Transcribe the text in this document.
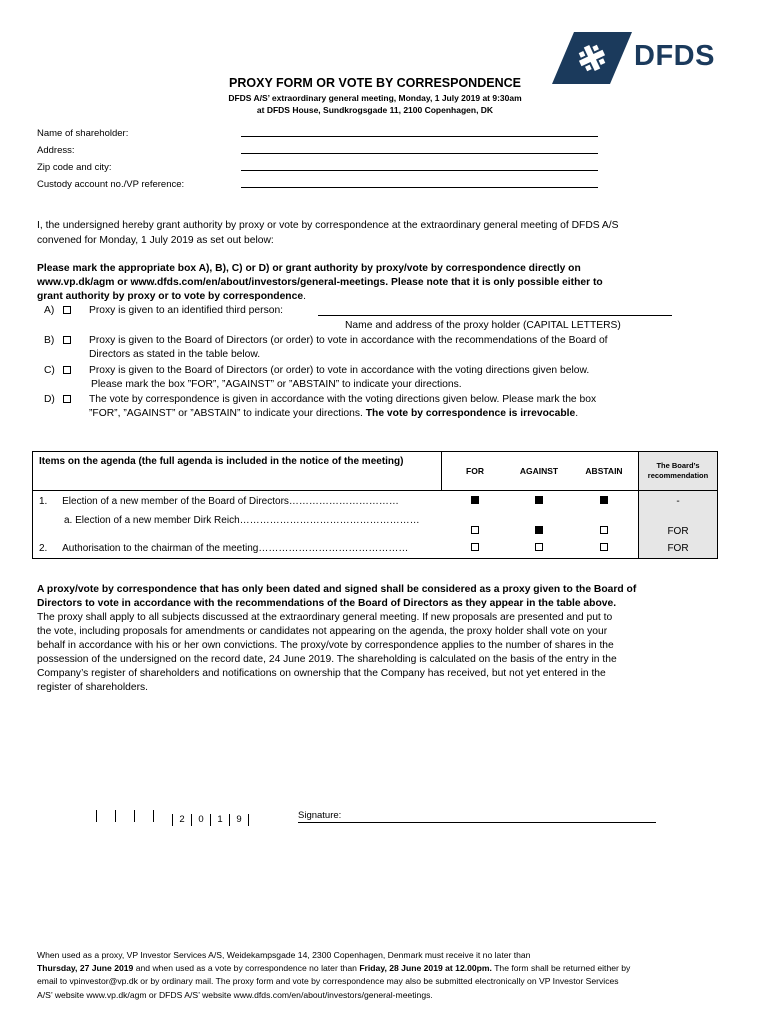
DFDS
PROXY FORM OR VOTE BY CORRESPONDENCE
DFDS A/S’ extraordinary general meeting, Monday, 1 July 2019 at 9:30am
at DFDS House, Sundkrogsgade 11, 2100 Copenhagen, DK
Name of shareholder:
Address:
Zip code and city:
Custody account no./VP reference:
I, the undersigned hereby grant authority by proxy or vote by correspondence at the extraordinary general meeting of DFDS A/S
convened for Monday, 1 July 2019 as set out below:
Please mark the appropriate box A), B), C) or D) or grant authority by proxy/vote by correspondence directly on
www.vp.dk/agm or www.dfds.com/en/about/investors/general-meetings. Please note that it is only possible either to
grant authority by proxy or to vote by correspondence.
A)	Proxy is given to an identified third person:
Name and address of the proxy holder (CAPITAL LETTERS)
B)	Proxy is given to the Board of Directors (or order) to vote in accordance with the recommendations of the Board of
Directors as stated in the table below.
C)	Proxy is given to the Board of Directors (or order) to vote in accordance with the voting directions given below.
Please mark the box ”FOR”, ”AGAINST” or ”ABSTAIN” to indicate your directions.
D)	The vote by correspondence is given in accordance with the voting directions given below. Please mark the box
”FOR”, ”AGAINST” or ”ABSTAIN” to indicate your directions. The vote by correspondence is irrevocable.
Items on the agenda (the full agenda is included in the notice of the meeting)	FOR	AGAINST	ABSTAIN	The Board’s
recommendation

1. Election of a new member of the Board of Directors……………………………				-
a. Election of a new member Dirk Reich………………………………………………				FOR
2. Authorisation to the chairman of the meeting………………………………………				FOR
A proxy/vote by correspondence that has only been dated and signed shall be considered as a proxy given to the Board of
Directors to vote in accordance with the recommendations of the Board of Directors as they appear in the table above.
The proxy shall apply to all subjects discussed at the extraordinary general meeting. If new proposals are presented and put to
the vote, including proposals for amendments or candidates not appearing on the agenda, the proxy holder shall vote on your
behalf in accordance with his or her own convictions. The proxy/vote by correspondence applies to the number of shares in the
possession of the undersigned on the record date, 24 June 2019. The shareholding is calculated on the basis of the entry in the
Company’s register of shareholders and notifications on ownership that the Company has received, but not yet entered in the
register of shareholders.
2 0 1 9	Signature:
When used as a proxy, VP Investor Services A/S, Weidekampsgade 14, 2300 Copenhagen, Denmark must receive it no later than
Thursday, 27 June 2019 and when used as a vote by correspondence no later than Friday, 28 June 2019 at 12.00pm. The form shall be returned either by
email to vpinvestor@vp.dk or by ordinary mail. The proxy form and vote by correspondence may also be submitted electronically on VP Investor Services
A/S’ website www.vp.dk/agm or DFDS A/S’ website www.dfds.com/en/about/investors/general-meetings.
